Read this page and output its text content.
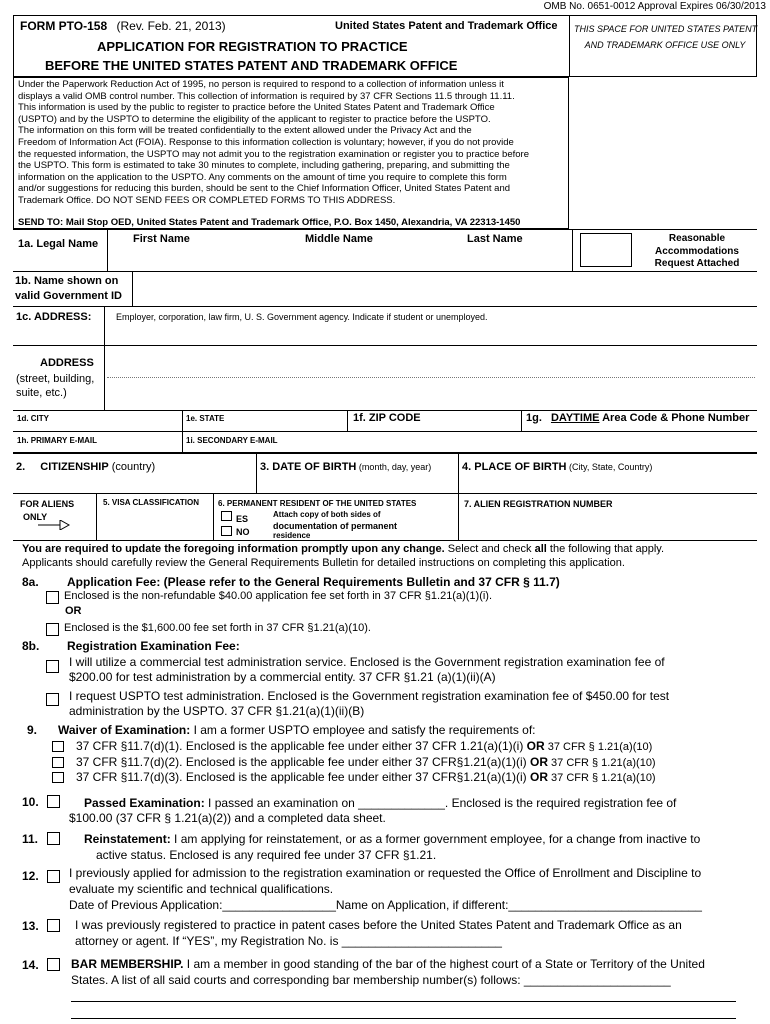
OMB No. 0651-0012 Approval Expires 06/30/2013
FORM PTO-158 (Rev. Feb. 21, 2013)	United States Patent and Trademark Office
APPLICATION FOR REGISTRATION TO PRACTICE
BEFORE THE UNITED STATES PATENT AND TRADEMARK OFFICE
THIS SPACE FOR UNITED STATES PATENT
AND TRADEMARK OFFICE USE ONLY
Under the Paperwork Reduction Act of 1995, no person is required to respond to a collection of information unless it
displays a valid OMB control number. This collection of information is required by 37 CFR Sections 11.5 through 11.11.
This information is used by the public to register to practice before the United States Patent and Trademark Office
(USPTO) and by the USPTO to determine the eligibility of the applicant to register to practice before the USPTO.
The information on this form will be treated confidentially to the extent allowed under the Privacy Act and the
Freedom of Information Act (FOIA). Response to this information collection is voluntary; however, if you do not provide
the requested information, the USPTO may not admit you to the registration examination or register you to practice before
the USPTO. This form is estimated to take 30 minutes to complete, including gathering, preparing, and submitting the
information on the application to the USPTO. Any comments on the amount of time you require to complete this form
and/or suggestions for reducing this burden, should be sent to the Chief Information Officer, United States Patent and
Trademark Office. DO NOT SEND FEES OR COMPLETED FORMS TO THIS ADDRESS.
SEND TO: Mail Stop OED, United States Patent and Trademark Office, P.O. Box 1450, Alexandria, VA 22313-1450
1a. Legal Name	First Name	Middle Name	Last Name	Reasonable
Accommodations
Request Attached
1b. Name shown on
valid Government ID
1c. ADDRESS:	Employer, corporation, law firm, U. S. Government agency. Indicate if student or unemployed.
ADDRESS
(street, building,
suite, etc.)
1d. CITY	1e. STATE	1f. ZIP CODE	1g. DAYTIME Area Code & Phone Number
1h. PRIMARY E-MAIL	1i. SECONDARY E-MAIL
2. CITIZENSHIP (country)	3. DATE OF BIRTH (month, day, year)	4. PLACE OF BIRTH (City, State, Country)
FOR ALIENS
ONLY
5. VISA CLASSIFICATION 6. PERMANENT RESIDENT OF THE UNITED STATES
ES
NO
Attach copy of both sides of
documentation of permanent
residence
7. ALIEN REGISTRATION NUMBER
You are required to update the foregoing information promptly upon any change. Select and check all the following that apply.
Applicants should carefully review the General Requirements Bulletin for detailed instructions on completing this application.
8a. Application Fee: (Please refer to the General Requirements Bulletin and 37 CFR § 11.7)
Enclosed is the non-refundable $40.00 application fee set forth in 37 CFR §1.21(a)(1)(i).
OR
Enclosed is the $1,600.00 fee set forth in 37 CFR §1.21(a)(10).
8b. Registration Examination Fee:
I will utilize a commercial test administration service. Enclosed is the Government registration examination fee of
$200.00 for test administration by a commercial entity. 37 CFR §1.21 (a)(1)(ii)(A)
I request USPTO test administration. Enclosed is the Government registration examination fee of $450.00 for test
administration by the USPTO. 37 CFR §1.21(a)(1)(ii)(B)
9. Waiver of Examination: I am a former USPTO employee and satisfy the requirements of:
37 CFR §11.7(d)(1). Enclosed is the applicable fee under either 37 CFR 1.21(a)(1)(i) OR 37 CFR § 1.21(a)(10)
37 CFR §11.7(d)(2). Enclosed is the applicable fee under either 37 CFR§1.21(a)(1)(i) OR 37 CFR § 1.21(a)(10)
37 CFR §11.7(d)(3). Enclosed is the applicable fee under either 37 CFR§1.21(a)(1)(i) OR 37 CFR § 1.21(a)(10)
10.	Passed Examination: I passed an examination on _____________. Enclosed is the required registration fee of
$100.00 (37 CFR § 1.21(a)(2)) and a completed data sheet.
11.	Reinstatement: I am applying for reinstatement, or as a former government employee, for a change from inactive to
active status. Enclosed is any required fee under 37 CFR §1.21.
12.	I previously applied for admission to the registration examination or requested the Office of Enrollment and Discipline to
evaluate my scientific and technical qualifications.
Date of Previous Application:_________________Name on Application, if different:_____________________________
13.	I was previously registered to practice in patent cases before the United States Patent and Trademark Office as an
attorney or agent. If “YES”, my Registration No. is ________________________
14.	BAR MEMBERSHIP. I am a member in good standing of the bar of the highest court of a State or Territory of the United
States. A list of all said courts and corresponding bar membership number(s) follows: ______________________
